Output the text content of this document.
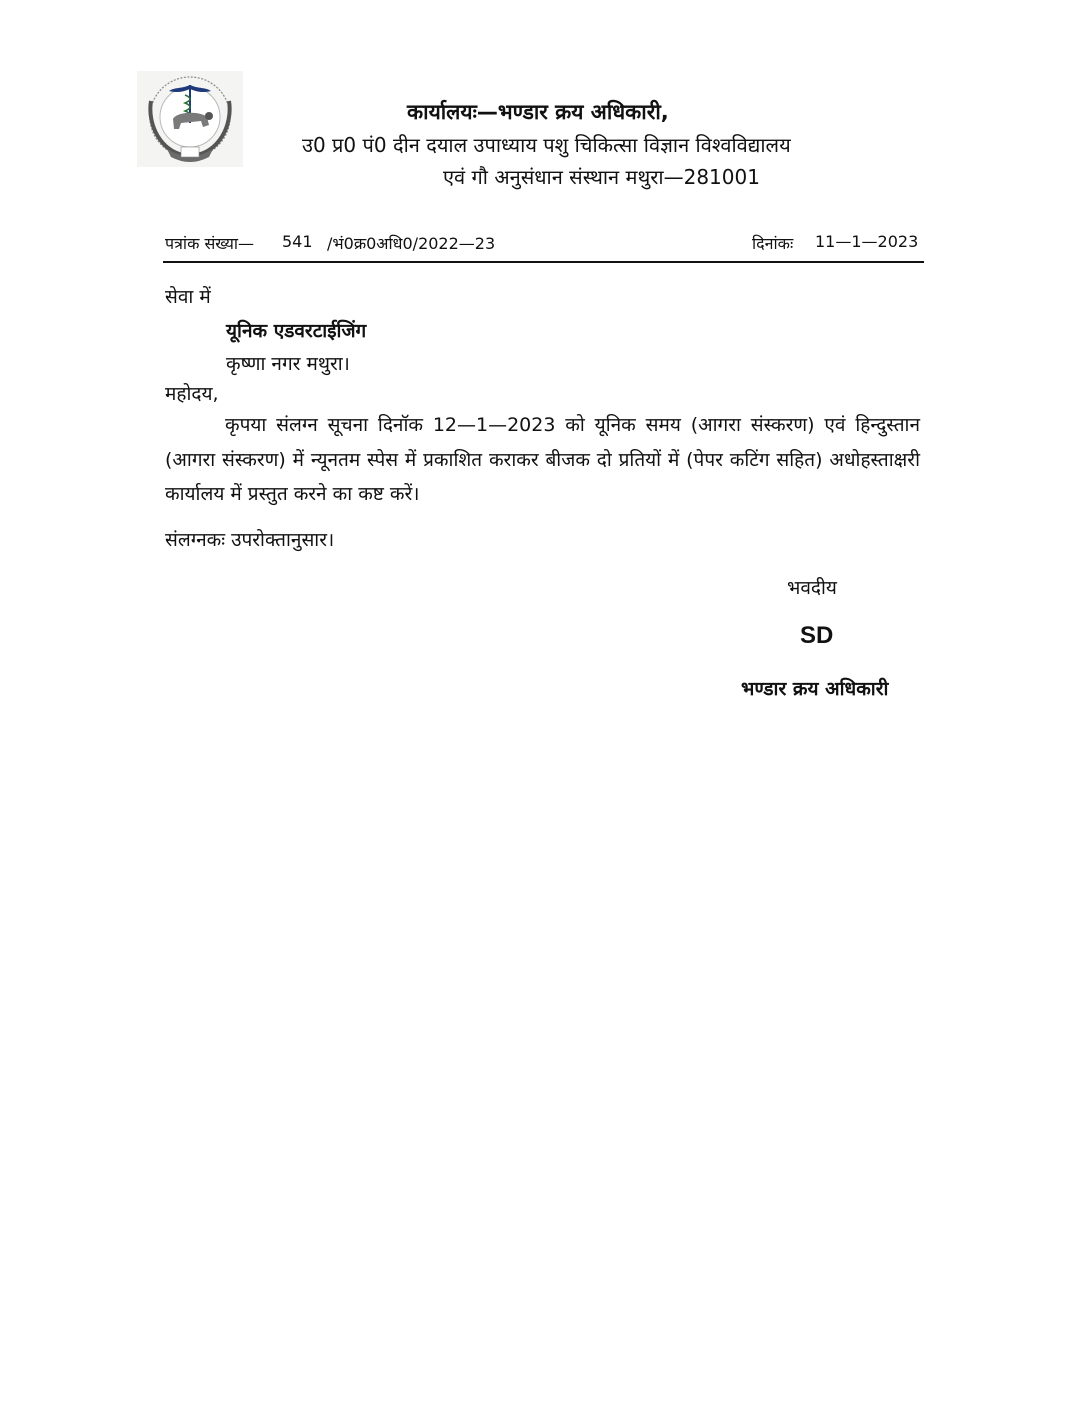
कार्यालयः—भण्डार क्रय अधिकारी,
उ0 प्र0 पं0 दीन दयाल उपाध्याय पशु चिकित्सा विज्ञान विश्वविद्यालय
एवं गौ अनुसंधान संस्थान मथुरा—281001
पत्रांक संख्या— 541 /भं0क्र0अधि0/2022—23	दिनांकः 11—1—2023
सेवा में
यूनिक एडवरटाईजिंग
कृष्णा नगर मथुरा।
महोदय,
कृपया संलग्न सूचना दिनॉक 12—1—2023 को यूनिक समय (आगरा संस्करण) एवं हिन्दुस्तान (आगरा संस्करण) में न्यूनतम स्पेस में प्रकाशित कराकर बीजक दो प्रतियों में (पेपर कटिंग सहित) अधोहस्ताक्षरी कार्यालय में प्रस्तुत करने का कष्ट करें।
संलग्नकः उपरोक्तानुसार।
भवदीय
SD
भण्डार क्रय अधिकारी
